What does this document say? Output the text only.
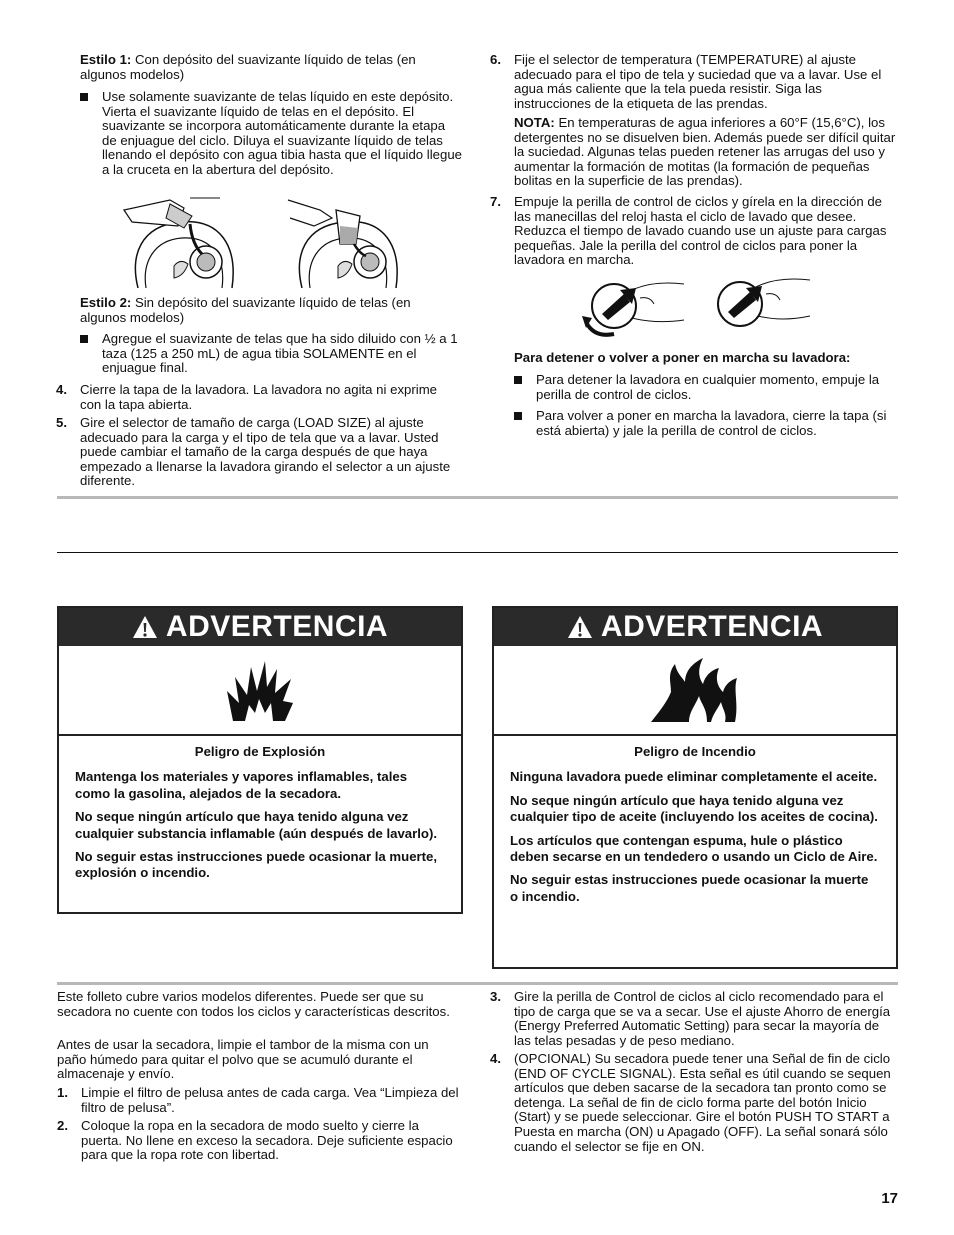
Estilo 1: Con depósito del suavizante líquido de telas (en algunos modelos)

Use solamente suavizante de telas líquido en este depósito. Vierta el suavizante líquido de telas en el depósito. El suavizante se incorpora automáticamente durante la etapa de enjuague del ciclo. Diluya el suavizante líquido de telas llenando el depósito con agua tibia hasta que el líquido llegue a la cruceta en la abertura del depósito.

Estilo 2: Sin depósito del suavizante líquido de telas (en algunos modelos)

Agregue el suavizante de telas que ha sido diluido con ½ a 1 taza (125 a 250 mL) de agua tibia SOLAMENTE en el enjuague final.
4. Cierre la tapa de la lavadora. La lavadora no agita ni exprime con la tapa abierta.
5. Gire el selector de tamaño de carga (LOAD SIZE) al ajuste adecuado para la carga y el tipo de tela que va a lavar. Usted puede cambiar el tamaño de la carga después de que haya empezado a llenarse la lavadora girando el selector a un ajuste diferente.
6. Fije el selector de temperatura (TEMPERATURE) al ajuste adecuado para el tipo de tela y suciedad que va a lavar. Use el agua más caliente que la tela pueda resistir. Siga las instrucciones de la etiqueta de las prendas.

NOTA: En temperaturas de agua inferiores a 60°F (15,6°C), los detergentes no se disuelven bien. Además puede ser difícil quitar la suciedad. Algunas telas pueden retener las arrugas del uso y aumentar la formación de motitas (la formación de pequeñas bolitas en la superficie de las prendas).

7. Empuje la perilla de control de ciclos y gírela en la dirección de las manecillas del reloj hasta el ciclo de lavado que desee. Reduzca el tiempo de lavado cuando use un ajuste para cargas pequeñas. Jale la perilla del control de ciclos para poner la lavadora en marcha.
Para detener o volver a poner en marcha su lavadora:
Para detener la lavadora en cualquier momento, empuje la perilla de control de ciclos.
Para volver a poner en marcha la lavadora, cierre la tapa (si está abierta) y jale la perilla de control de ciclos.
ADVERTENCIA

Peligro de Explosión

Mantenga los materiales y vapores inflamables, tales como la gasolina, alejados de la secadora.

No seque ningún artículo que haya tenido alguna vez cualquier substancia inflamable (aún después de lavarlo).

No seguir estas instrucciones puede ocasionar la muerte, explosión o incendio.

ADVERTENCIA

Peligro de Incendio

Ninguna lavadora puede eliminar completamente el aceite.

No seque ningún artículo que haya tenido alguna vez cualquier tipo de aceite (incluyendo los aceites de cocina).

Los artículos que contengan espuma, hule o plástico deben secarse en un tendedero o usando un Ciclo de Aire.

No seguir estas instrucciones puede ocasionar la muerte o incendio.

Este folleto cubre varios modelos diferentes. Puede ser que su secadora no cuente con todos los ciclos y características descritos.
Antes de usar la secadora, limpie el tambor de la misma con un paño húmedo para quitar el polvo que se acumuló durante el almacenaje y envío.
1. Limpie el filtro de pelusa antes de cada carga. Vea “Limpieza del filtro de pelusa”.
2. Coloque la ropa en la secadora de modo suelto y cierre la puerta. No llene en exceso la secadora. Deje suficiente espacio para que la ropa rote con libertad.
3. Gire la perilla de Control de ciclos al ciclo recomendado para el tipo de carga que se va a secar. Use el ajuste Ahorro de energía (Energy Preferred Automatic Setting) para secar la mayoría de las telas pesadas y de peso mediano.
4. (OPCIONAL) Su secadora puede tener una Señal de fin de ciclo (END OF CYCLE SIGNAL). Esta señal es útil cuando se sequen artículos que deben sacarse de la secadora tan pronto como se detenga. La señal de fin de ciclo forma parte del botón Inicio (Start) y se puede seleccionar. Gire el botón PUSH TO START a Puesta en marcha (ON) u Apagado (OFF). La señal sonará sólo cuando el selector se fije en ON.
17
